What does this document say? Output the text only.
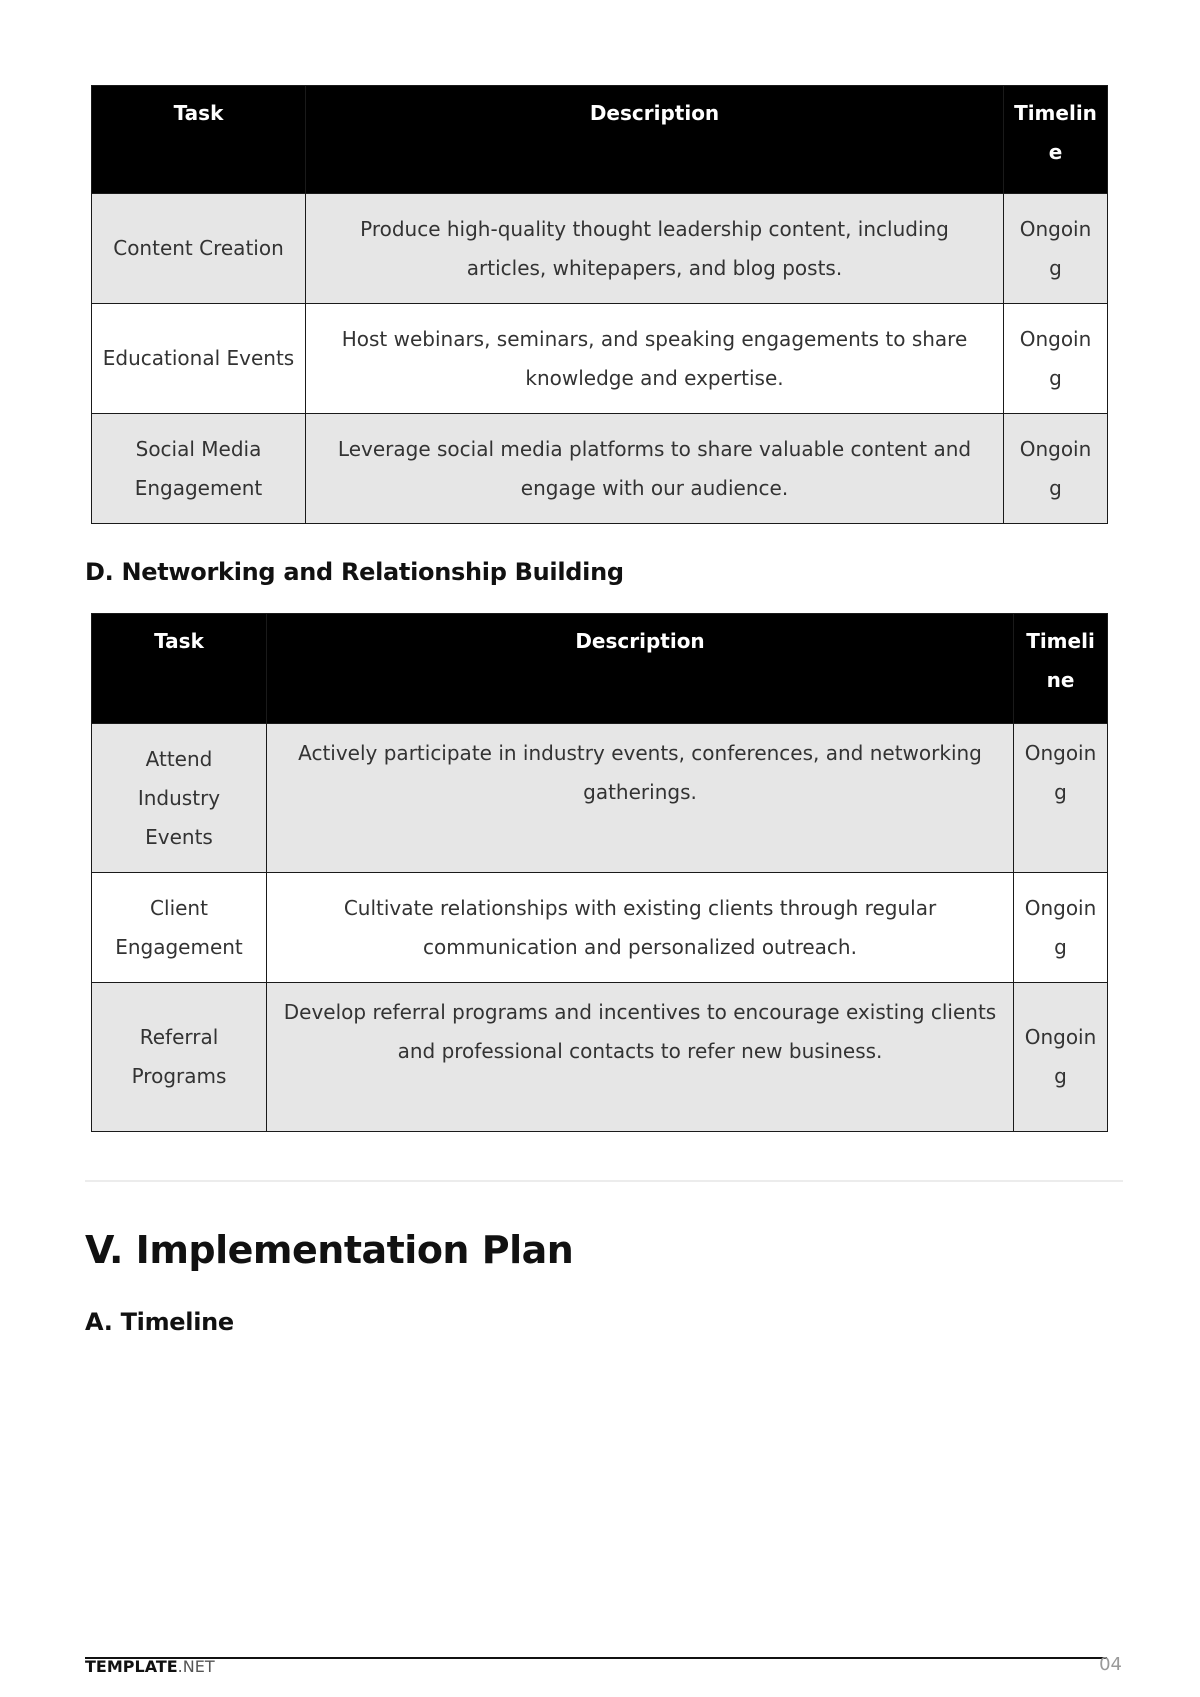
Task	Description	Timeline
Content Creation	Produce high-quality thought leadership content, including articles, whitepapers, and blog posts.	Ongoing
Educational Events	Host webinars, seminars, and speaking engagements to share knowledge and expertise.	Ongoing
Social Media Engagement	Leverage social media platforms to share valuable content and engage with our audience.	Ongoing
D. Networking and Relationship Building
Task	Description	Timeline
Attend Industry Events	Actively participate in industry events, conferences, and networking gatherings.	Ongoing
Client Engagement	Cultivate relationships with existing clients through regular communication and personalized outreach.	Ongoing
Referral Programs	Develop referral programs and incentives to encourage existing clients and professional contacts to refer new business.	Ongoing
V. Implementation Plan
A. Timeline
TEMPLATE.NET	04
